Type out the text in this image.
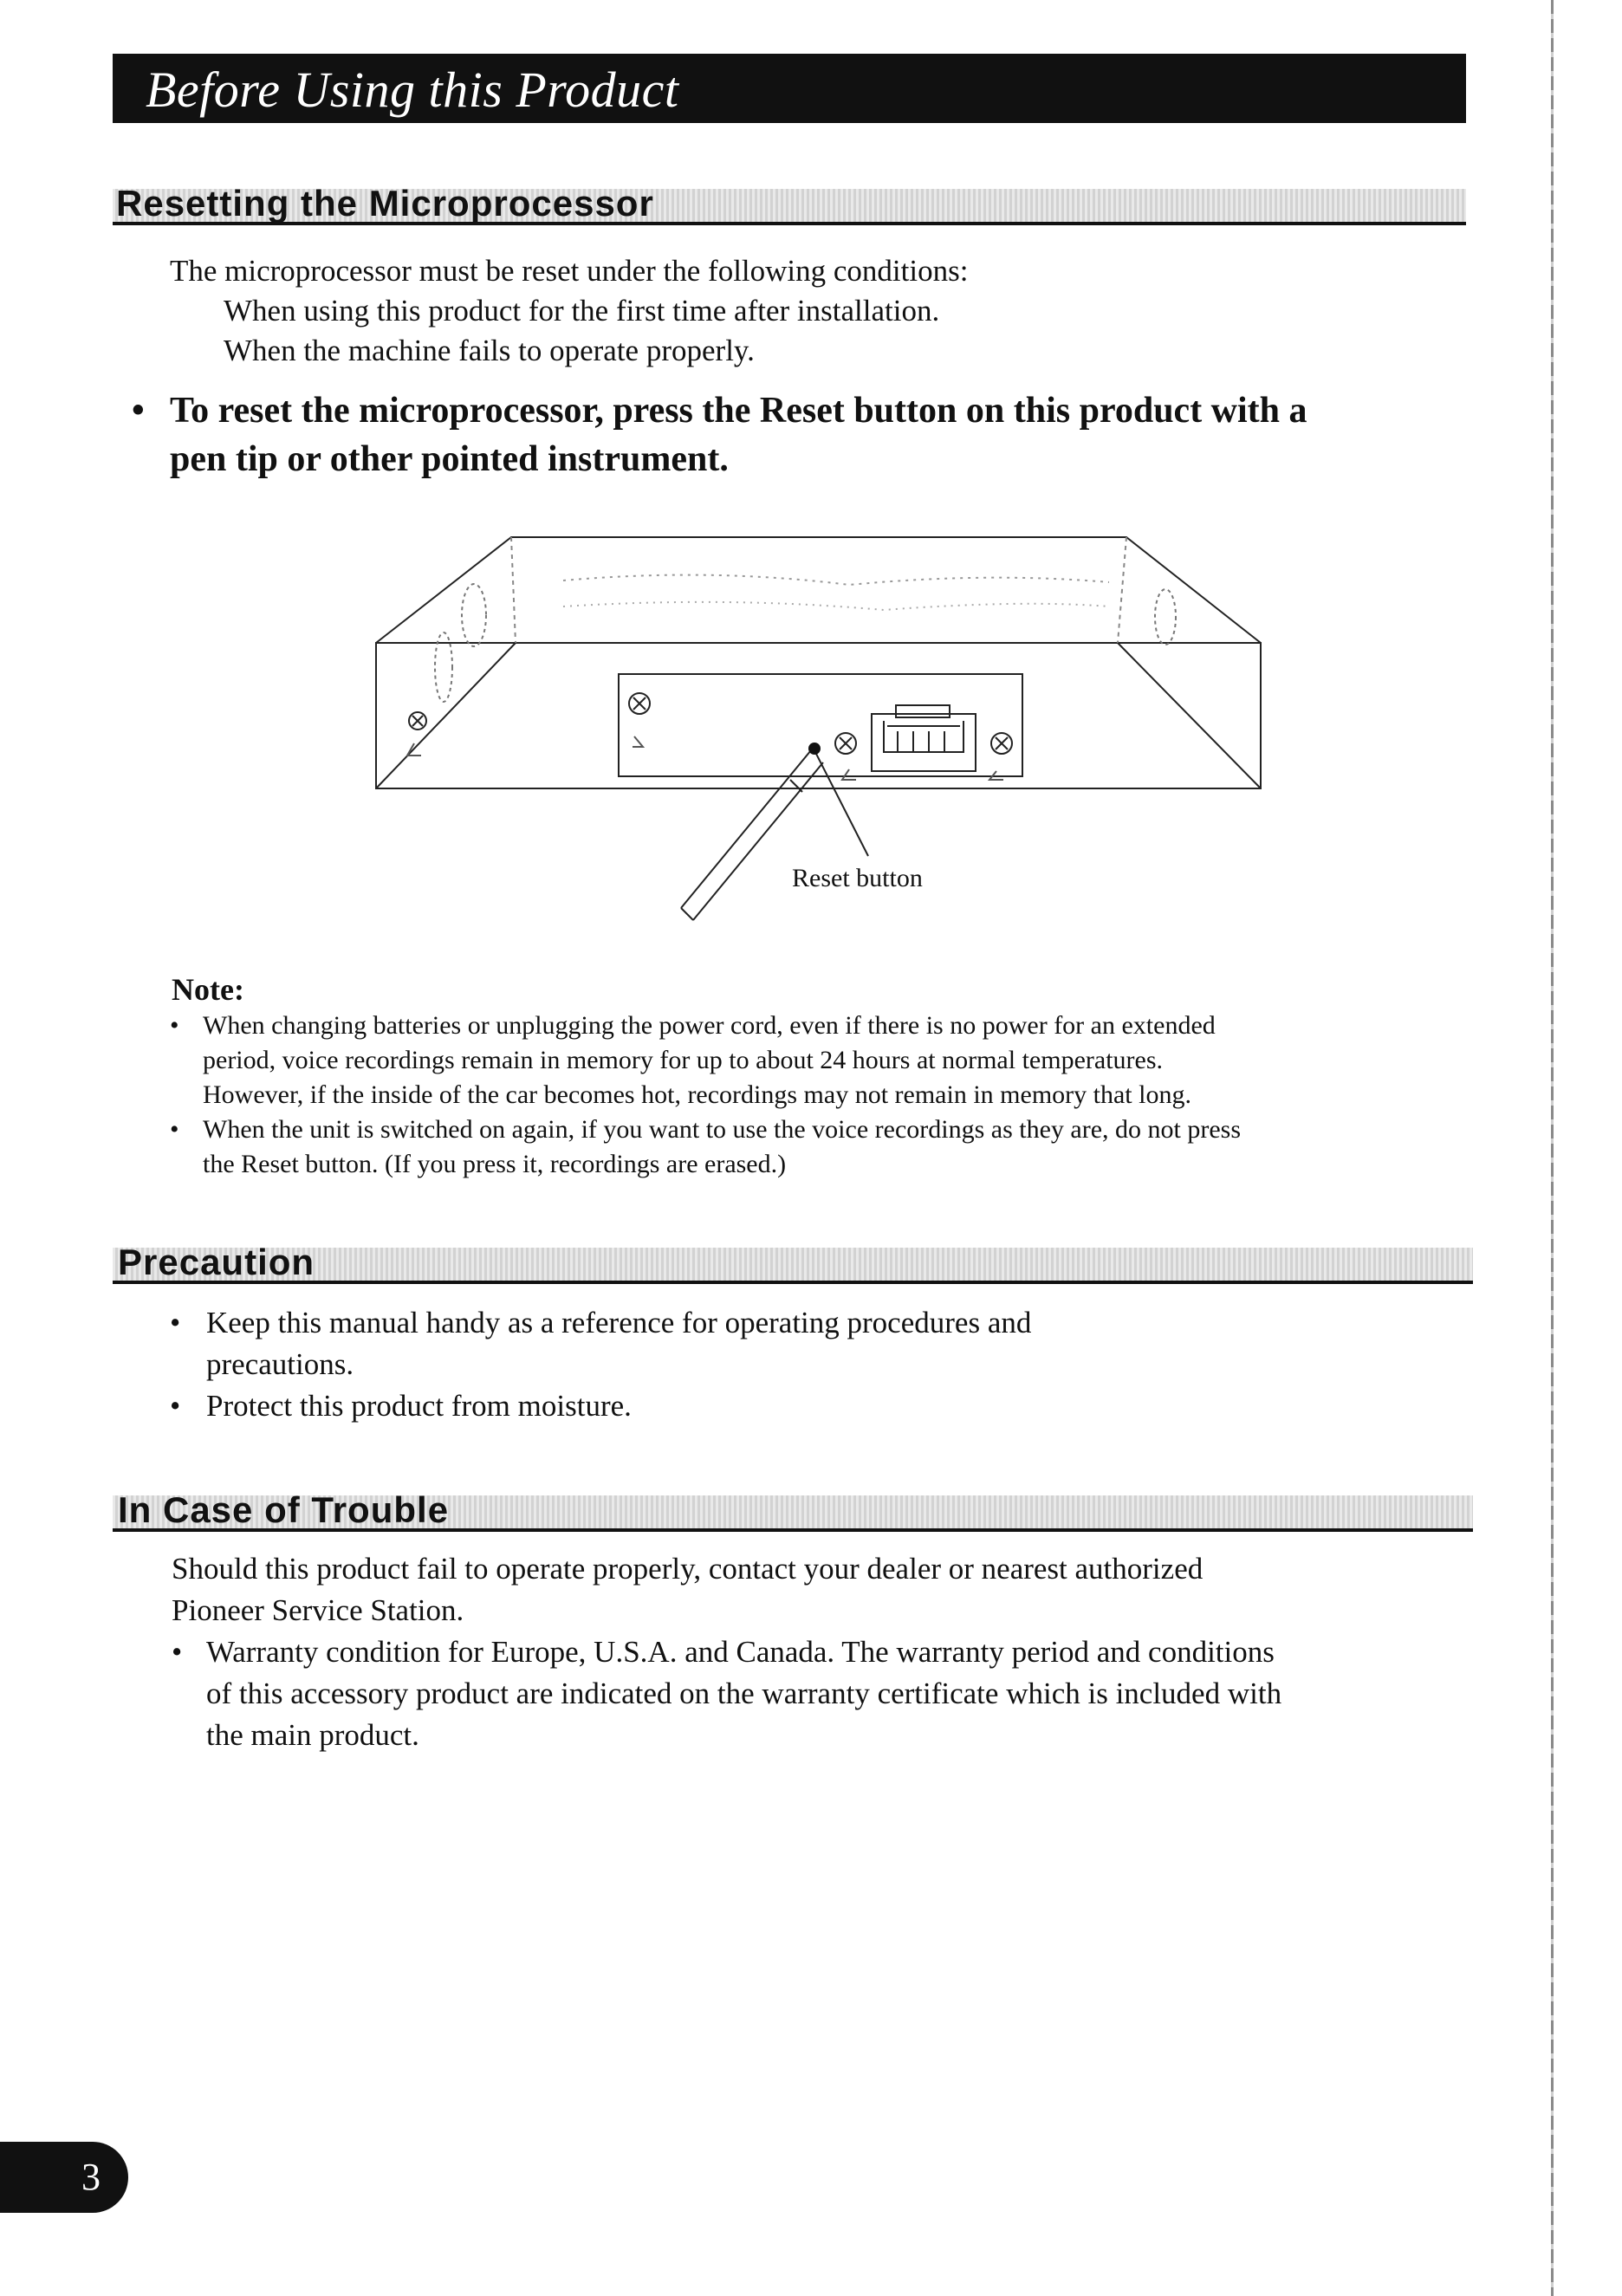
Before Using this Product
Resetting the Microprocessor
The microprocessor must be reset under the following conditions:
When using this product for the first time after installation.
When the machine fails to operate properly.
• To reset the microprocessor, press the Reset button on this product with a
pen tip or other pointed instrument.
Reset button
Note:
• When changing batteries or unplugging the power cord, even if there is no power for an extended
period, voice recordings remain in memory for up to about 24 hours at normal temperatures.
However, if the inside of the car becomes hot, recordings may not remain in memory that long.
• When the unit is switched on again, if you want to use the voice recordings as they are, do not press
the Reset button. (If you press it, recordings are erased.)
Precaution
• Keep this manual handy as a reference for operating procedures and
precautions.
• Protect this product from moisture.
In Case of Trouble
Should this product fail to operate properly, contact your dealer or nearest authorized
Pioneer Service Station.
• Warranty condition for Europe, U.S.A. and Canada. The warranty period and conditions
of this accessory product are indicated on the warranty certificate which is included with
the main product.
3
